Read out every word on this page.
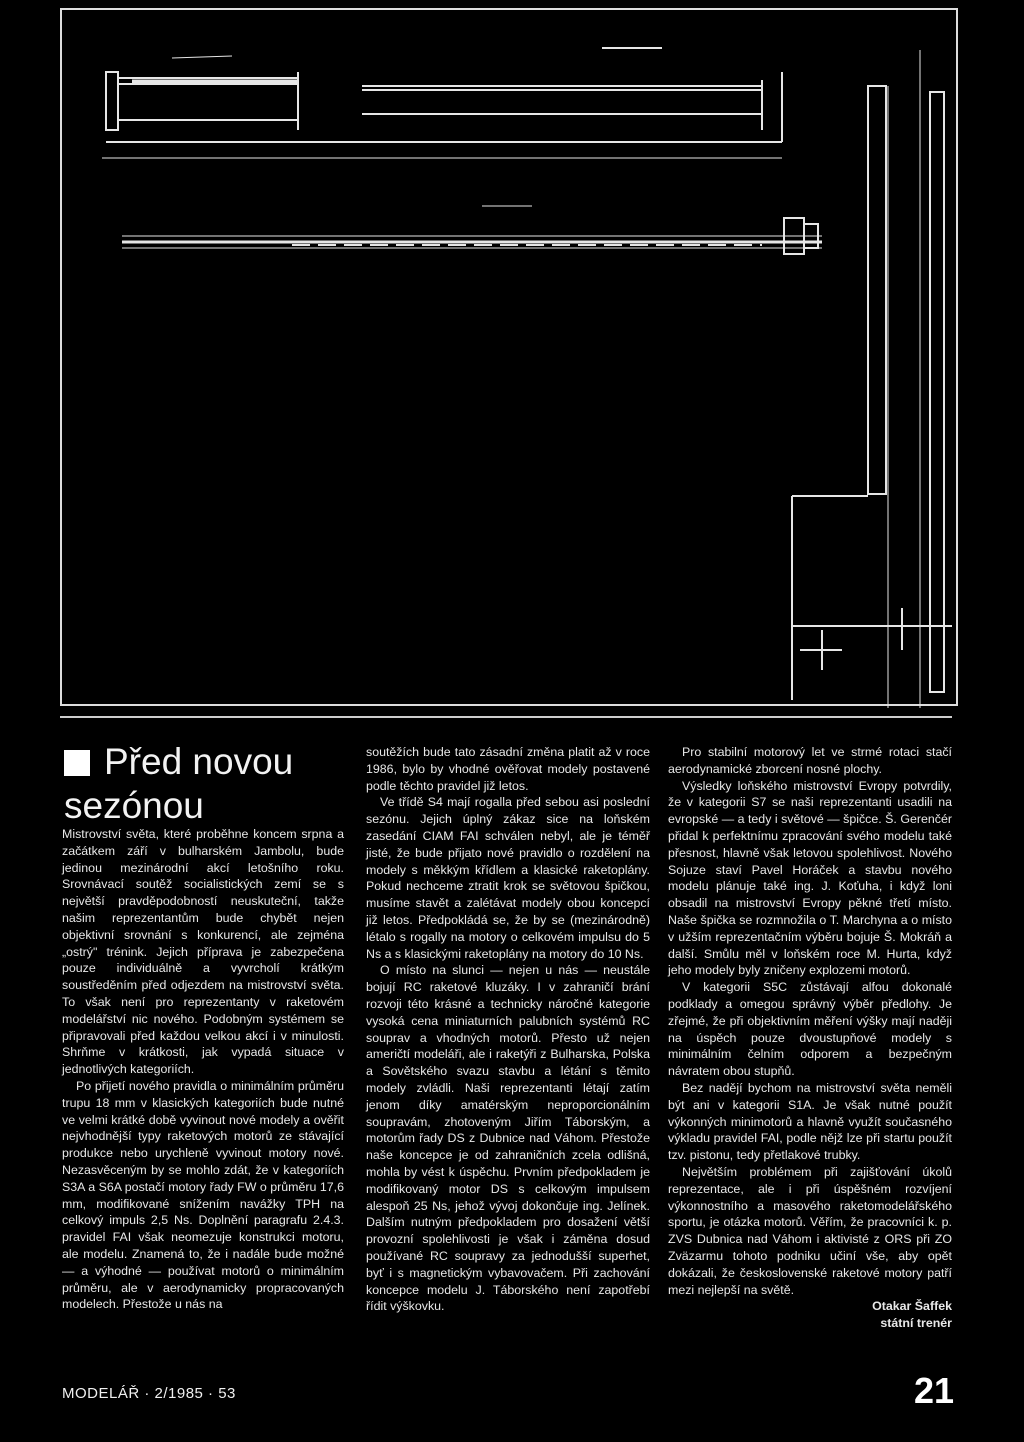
Před novou sezónou

Mistrovství světa, které proběhne koncem srpna a začátkem září v bulharském Jambolu, bude jedinou mezinárodní akcí letošního roku. Srovnávací soutěž socialistických zemí se s největší pravděpodobností neuskuteční, takže našim reprezentantům bude chybět nejen objektivní srovnání s konkurencí, ale zejména „ostrý" trénink. Jejich příprava je zabezpečena pouze individuálně a vyvrcholí krátkým soustředěním před odjezdem na mistrovství světa. To však není pro reprezentanty v raketovém modelářství nic nového. Podobným systémem se připravovali před každou velkou akcí i v minulosti. Shrňme v krátkosti, jak vypadá situace v jednotlivých kategoriích.

Po přijetí nového pravidla o minimálním průměru trupu 18 mm v klasických kategoriích bude nutné ve velmi krátké době vyvinout nové modely a ověřit nejvhodnější typy raketových motorů ze stávající produkce nebo urychleně vyvinout motory nové. Nezasvěceným by se mohlo zdát, že v kategoriích S3A a S6A postačí motory řady FW o průměru 17,6 mm, modifikované snížením navážky TPH na celkový impuls 2,5 Ns. Doplnění paragrafu 2.4.3. pravidel FAI však neomezuje konstrukci motoru, ale modelu. Znamená to, že i nadále bude možné — a výhodné — používat motorů o minimálním průměru, ale v aerodynamicky propracovaných modelech. Přestože u nás na

soutěžích bude tato zásadní změna platit až v roce 1986, bylo by vhodné ověřovat modely postavené podle těchto pravidel již letos.

Ve třídě S4 mají rogalla před sebou asi poslední sezónu. Jejich úplný zákaz sice na loňském zasedání CIAM FAI schválen nebyl, ale je téměř jisté, že bude přijato nové pravidlo o rozdělení na modely s měkkým křídlem a klasické raketoplány. Pokud nechceme ztratit krok se světovou špičkou, musíme stavět a zalétávat modely obou koncepcí již letos. Předpokládá se, že by se (mezinárodně) létalo s rogally na motory o celkovém impulsu do 5 Ns a s klasickými raketoplány na motory do 10 Ns.

O místo na slunci — nejen u nás — neustále bojují RC raketové kluzáky. I v zahraničí brání rozvoji této krásné a technicky náročné kategorie vysoká cena miniaturních palubních systémů RC souprav a vhodných motorů. Přesto už nejen američtí modeláři, ale i raketýři z Bulharska, Polska a Sovětského svazu stavbu a létání s těmito modely zvládli. Naši reprezentanti létají zatím jenom díky amatérským neproporcionálním soupravám, zhotoveným Jiřím Táborským, a motorům řady DS z Dubnice nad Váhom. Přestože naše koncepce je od zahraničních zcela odlišná, mohla by vést k úspěchu. Prvním předpokladem je modifikovaný motor DS s celkovým impulsem alespoň 25 Ns, jehož vývoj dokončuje ing. Jelínek. Dalším nutným předpokladem pro dosažení větší provozní spolehlivosti je však i záměna dosud používané RC soupravy za jednodušší superhet, byť i s magnetickým vybavovačem. Při zachování koncepce modelu J. Táborského není zapotřebí řídit výškovku.

Pro stabilní motorový let ve strmé rotaci stačí aerodynamické zborcení nosné plochy.

Výsledky loňského mistrovství Evropy potvrdily, že v kategorii S7 se naši reprezentanti usadili na evropské — a tedy i světové — špičce. Š. Gerenčér přidal k perfektnímu zpracování svého modelu také přesnost, hlavně však letovou spolehlivost. Nového Sojuze staví Pavel Horáček a stavbu nového modelu plánuje také ing. J. Koťuha, i když loni obsadil na mistrovství Evropy pěkné třetí místo. Naše špička se rozmnožila o T. Marchyna a o místo v užším reprezentačním výběru bojuje Š. Mokráň a další. Smůlu měl v loňském roce M. Hurta, když jeho modely byly zničeny explozemi motorů.

V kategorii S5C zůstávají alfou dokonalé podklady a omegou správný výběr předlohy. Je zřejmé, že při objektivním měření výšky mají naději na úspěch pouze dvoustupňové modely s minimálním čelním odporem a bezpečným návratem obou stupňů.

Bez nadějí bychom na mistrovství světa neměli být ani v kategorii S1A. Je však nutné použít výkonných minimotorů a hlavně využít současného výkladu pravidel FAI, podle nějž lze při startu použít tzv. pistonu, tedy přetlakové trubky.

Největším problémem při zajišťování úkolů reprezentace, ale i při úspěšném rozvíjení výkonnostního a masového raketomodelářského sportu, je otázka motorů. Věřím, že pracovníci k. p. ZVS Dubnica nad Váhom i aktivisté z ORS při ZO Zväzarmu tohoto podniku učiní vše, aby opět dokázali, že československé raketové motory patří mezi nejlepší na světě.

Otakar Šaffek
státní trenér
MODELÁŘ · 2/1985 · 53	21
